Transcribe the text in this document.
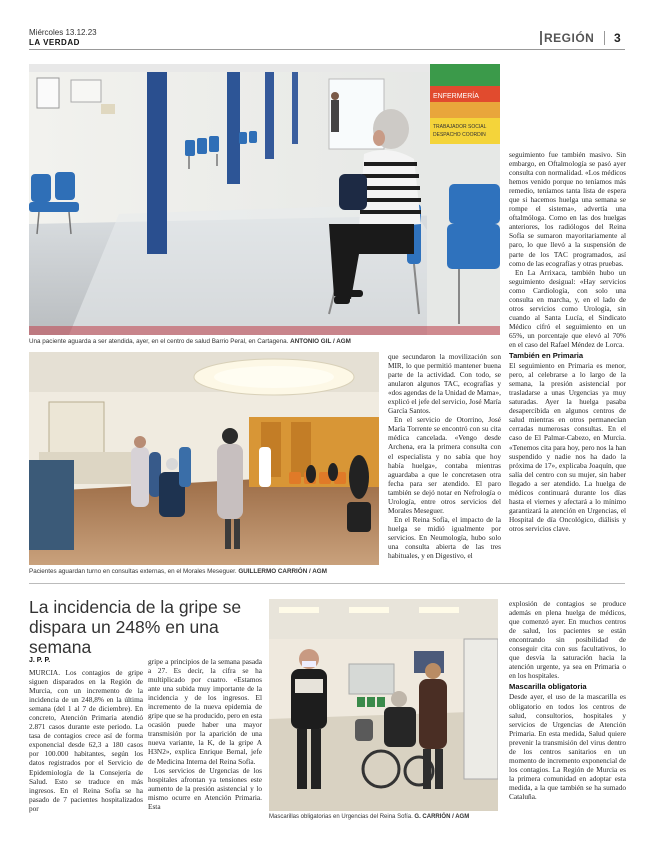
Miércoles 13.12.23
LA VERDAD	REGIÓN 3
ENFERMERÍA
TRABAJADOR SOCIAL
DESPACHO COORDIN
Una paciente aguarda a ser atendida, ayer, en el centro de salud Barrio Peral, en Cartagena. ANTONIO GIL / AGM
Pacientes aguardan turno en consultas externas, en el Morales Meseguer. GUILLERMO CARRIÓN / AGM

que secundaron la movilización son MIR, lo que permitió mantener buena parte de la actividad. Con todo, se anularon algunos TAC, ecografías y «dos agendas de la Unidad de Mama», explicó el jefe del servicio, José María García Santos.

En el servicio de Otorrino, José María Torrente se encontró con su cita médica cancelada. «Vengo desde Archena, era la primera consulta con el especialista y no sabía que hoy había huelga», contaba mientras aguardaba a que le concretasen otra fecha para ser atendido. El paro también se dejó notar en Nefrología o Urología, entre otros servicios del Morales Meseguer.

En el Reina Sofía, el impacto de la huelga se midió igualmente por servicios. En Neumología, hubo solo una consulta abierta de las tres habituales, y en Digestivo, el

seguimiento fue también masivo. Sin embargo, en Oftalmología se pasó ayer consulta con normalidad. «Los médicos hemos venido porque no teníamos más remedio, teníamos tanta lista de espera que si hacemos huelga una semana se rompe el sistema», advertía una oftalmóloga. Como en las dos huelgas anteriores, los radiólogos del Reina Sofía se sumaron mayoritariamente al paro, lo que llevó a la suspensión de parte de los TAC programados, así como de las ecografías y otras pruebas.

En La Arrixaca, también hubo un seguimiento desigual: «Hay servicios como Cardiología, con solo una consulta en marcha, y, en el lado de otros servicios como Urología, sin cuando al Santa Lucía, el Sindicato Médico cifró el seguimiento en un 65%, un porcentaje que elevó al 70% en el caso del Rafael Méndez de Lorca.

También en Primaria

El seguimiento en Primaria es menor, pero, al celebrarse a lo largo de la semana, la presión asistencial por trasladarse a unas Urgencias ya muy saturadas. Ayer la huelga pasaba desapercibida en algunos centros de salud mientras en otros permanecían cerradas numerosas consultas. En el caso de El Palmar-Cabezo, en Murcia. «Tenemos cita para hoy, pero nos la han suspendido y nadie nos ha dado la próxima de 17», explicaba Joaquín, que salía del centro con su mujer, sin haber llegado a ser atendido. La huelga de médicos continuará durante los días hasta el viernes y afectará a lo mínimo garantizará la atención en Urgencias, el Hospital de día Oncológico, diálisis y otros servicios clave.

La incidencia de la gripe se dispara un 248% en una semana
J. P. P.

MURCIA. Los contagios de gripe siguen disparados en la Región de Murcia, con un incremento de la incidencia de un 248,8% en la última semana (del 1 al 7 de diciembre). En concreto, Atención Primaria atendió 2.871 casos durante este periodo. La tasa de contagios crece así de forma exponencial desde 62,3 a 180 casos por 100.000 habitantes, según los datos registrados por el Servicio de Epidemiología de la Consejería de Salud. Esto se traduce en más ingresos. En el Reina Sofía se ha pasado de 7 pacientes hospitalizados por

gripe a principios de la semana pasada a 27. Es decir, la cifra se ha multiplicado por cuatro. «Estamos ante una subida muy importante de la incidencia y de los ingresos. El incremento de la nueva epidemia de gripe que se ha producido, pero en esta ocasión puede haber una mayor transmisión por la aparición de una nueva variante, la K, de la gripe A H3N2», explica Enrique Bernal, jefe de Medicina Interna del Reina Sofía.

Los servicios de Urgencias de los hospitales afrontan ya tensiones este aumento de la presión asistencial y lo mismo ocurre en Atención Primaria. Esta

Mascarillas obligatorias en Urgencias del Reina Sofía. G. CARRIÓN / AGM

explosión de contagios se produce además en plena huelga de médicos, que comenzó ayer. En muchos centros de salud, los pacientes se están encontrando sin posibilidad de conseguir cita con sus facultativos, lo que desvía la saturación hacia la atención urgente, ya sea en Primaria o en los hospitales.

Mascarilla obligatoria

Desde ayer, el uso de la mascarilla es obligatorio en todos los centros de salud, consultorios, hospitales y servicios de Urgencias de Atención Primaria. En esta medida, Salud quiere prevenir la transmisión del virus dentro de los centros sanitarios en un momento de incremento exponencial de los contagios. La Región de Murcia es la primera comunidad en adoptar esta medida, a la que también se ha sumado Cataluña.
